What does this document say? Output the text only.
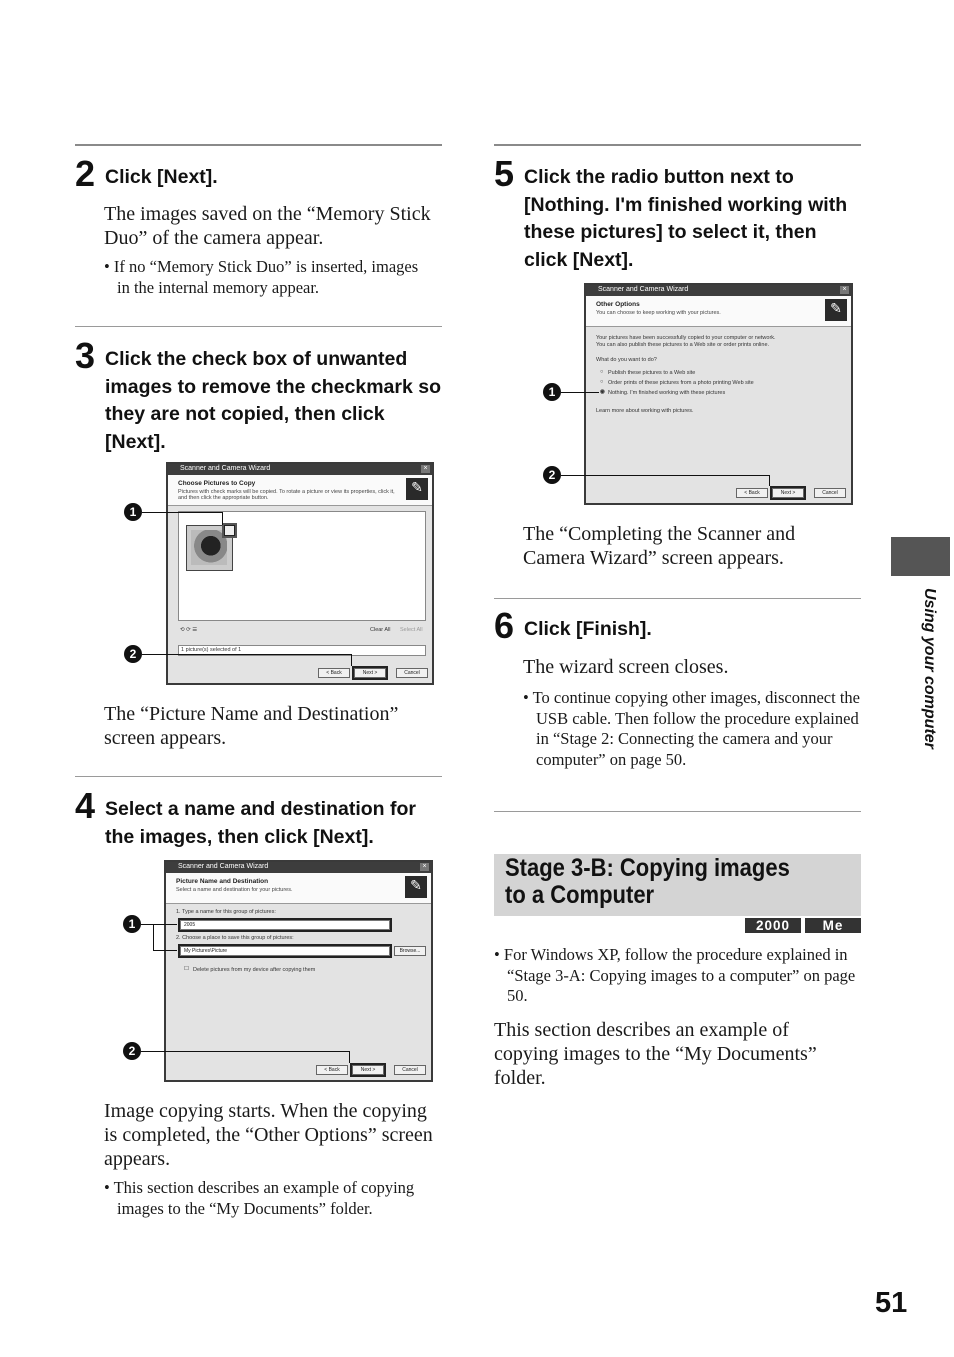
2 Click [Next].
The images saved on the “Memory Stick Duo” of the camera appear.
• If no “Memory Stick Duo” is inserted, images in the internal memory appear.
3 Click the check box of unwanted images to remove the checkmark so they are not copied, then click [Next].
Scanner and Camera Wizard	×
Choose Pictures to Copy
Pictures with check marks will be copied. To rotate a picture or view its properties, click it, and then click the appropriate button.
✎
⟲ ⟳ ☰	Clear All Select All
1 picture(s) selected of 1
< Back	Next >	Cancel
1
2
The “Picture Name and Destination” screen appears.
4 Select a name and destination for the images, then click [Next].
Scanner and Camera Wizard	×
Picture Name and Destination
Select a name and destination for your pictures.	✎
1. Type a name for this group of pictures:
2005
2. Choose a place to save this group of pictures:
My Pictures\Picture	Browse...
☐ Delete pictures from my device after copying them
< Back	Next >	Cancel
1
2
Image copying starts. When the copying is completed, the “Other Options” screen appears.
• This section describes an example of copying images to the “My Documents” folder.
5 Click the radio button next to [Nothing. I'm finished working with these pictures] to select it, then click [Next].
Scanner and Camera Wizard	×
Other Options
You can choose to keep working with your pictures.	✎
Your pictures have been successfully copied to your computer or network.
You can also publish these pictures to a Web site or order prints online.
What do you want to do?
○ Publish these pictures to a Web site
○ Order prints of these pictures from a photo printing Web site
◉ Nothing. I'm finished working with these pictures
Learn more about working with pictures.
< Back	Next >	Cancel
1
2
The “Completing the Scanner and Camera Wizard” screen appears.
6 Click [Finish].
The wizard screen closes.
• To continue copying other images, disconnect the USB cable. Then follow the procedure explained in “Stage 2: Connecting the camera and your computer” on page 50.
Stage 3-B: Copying images to a Computer
2000	Me
• For Windows XP, follow the procedure explained in “Stage 3-A: Copying images to a computer” on page 50.
This section describes an example of copying images to the “My Documents” folder.
Using your computer
51
